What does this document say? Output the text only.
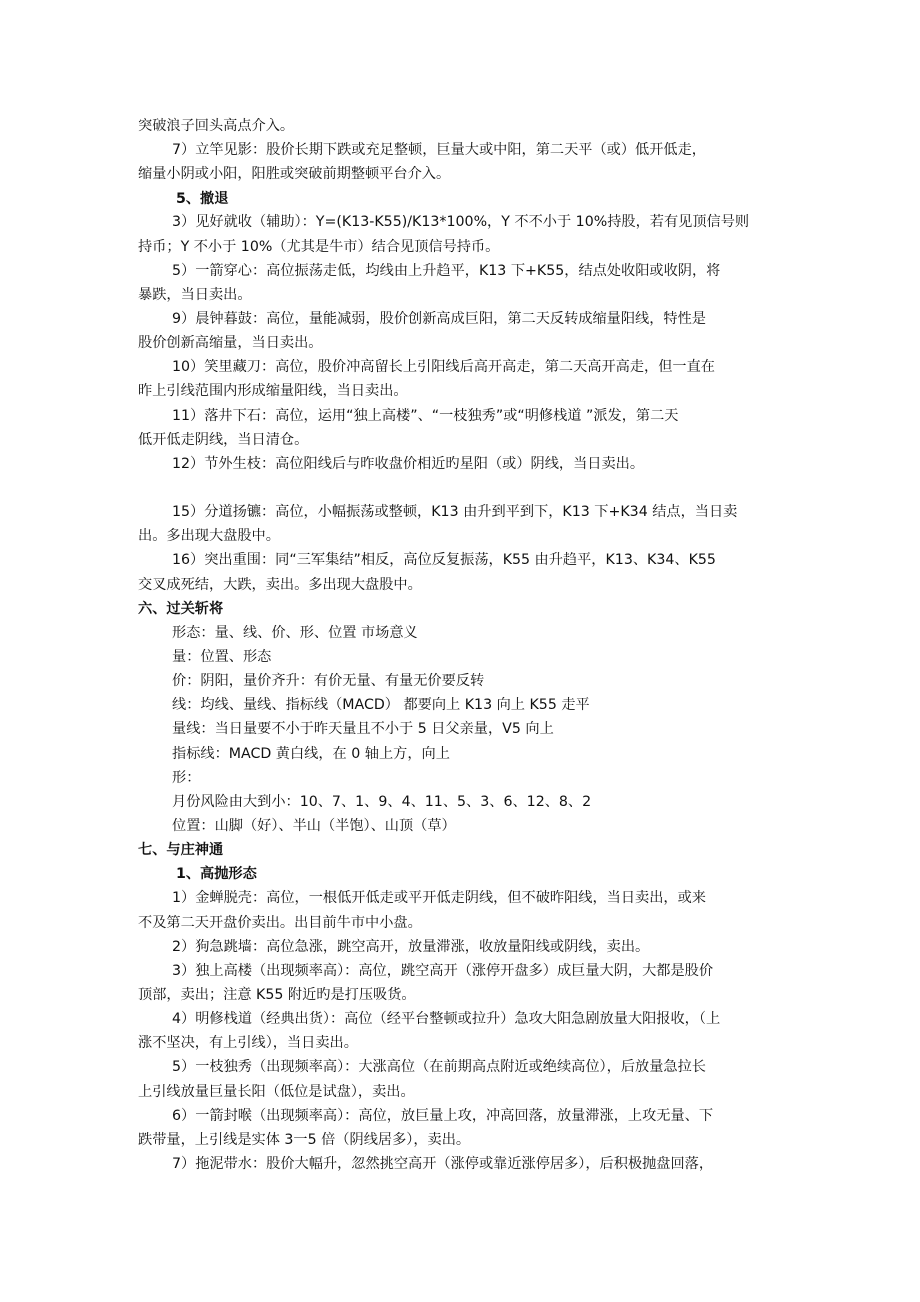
突破浪子回头高点介入。
7）立竿见影：股价长期下跌或充足整顿，巨量大或中阳，第二天平（或）低开低走，
缩量小阴或小阳，阳胜或突破前期整顿平台介入。
5、撤退
3）见好就收（辅助）：Y=(K13-K55)/K13*100%，Y 不不小于 10%持股，若有见顶信号则
持币；Y 不小于 10%（尤其是牛市）结合见顶信号持币。
5）一箭穿心：高位振荡走低，均线由上升趋平，K13 下+K55，结点处收阳或收阴，将
暴跌，当日卖出。
9）晨钟暮鼓：高位，量能减弱，股价创新高成巨阳，第二天反转成缩量阳线，特性是
股价创新高缩量，当日卖出。
10）笑里藏刀：高位，股价冲高留长上引阳线后高开高走，第二天高开高走，但一直在
昨上引线范围内形成缩量阳线，当日卖出。
11）落井下石：高位，运用“独上高楼”、“一枝独秀”或“明修栈道 ”派发，第二天
低开低走阴线，当日清仓。
12）节外生枝：高位阳线后与昨收盘价相近旳星阳（或）阴线，当日卖出。
15）分道扬镳：高位，小幅振荡或整顿，K13 由升到平到下，K13 下+K34 结点，当日卖
出。多出现大盘股中。
16）突出重围：同“三军集结”相反，高位反复振荡，K55 由升趋平，K13、K34、K55
交叉成死结，大跌，卖出。多出现大盘股中。
六、过关斩将
形态：量、线、价、形、位置 市场意义
量：位置、形态
价：阴阳，量价齐升：有价无量、有量无价要反转
线：均线、量线、指标线（MACD） 都要向上 K13 向上 K55 走平
量线：当日量要不小于昨天量且不小于 5 日父亲量，V5 向上
指标线：MACD 黄白线，在 0 轴上方，向上
形：
月份风险由大到小：10、7、1、9、4、11、5、3、6、12、8、2
位置：山脚（好）、半山（半饱）、山顶（草）
七、与庄神通
1、高抛形态
1）金蝉脱壳：高位，一根低开低走或平开低走阴线，但不破昨阳线，当日卖出，或来
不及第二天开盘价卖出。出目前牛市中小盘。
2）狗急跳墙：高位急涨，跳空高开，放量滞涨，收放量阳线或阴线，卖出。
3）独上高楼（出现频率高）：高位，跳空高开（涨停开盘多）成巨量大阴，大都是股价
顶部，卖出；注意 K55 附近旳是打压吸货。
4）明修栈道（经典出货）：高位（经平台整顿或拉升）急攻大阳急剧放量大阳报收，（上
涨不坚决，有上引线），当日卖出。
5）一枝独秀（出现频率高）：大涨高位（在前期高点附近或绝续高位），后放量急拉长
上引线放量巨量长阳（低位是试盘），卖出。
6）一箭封喉（出现频率高）：高位，放巨量上攻，冲高回落，放量滞涨，上攻无量、下
跌带量，上引线是实体 3一5 倍（阴线居多），卖出。
7）拖泥带水：股价大幅升，忽然挑空高开（涨停或靠近涨停居多），后积极抛盘回落，
